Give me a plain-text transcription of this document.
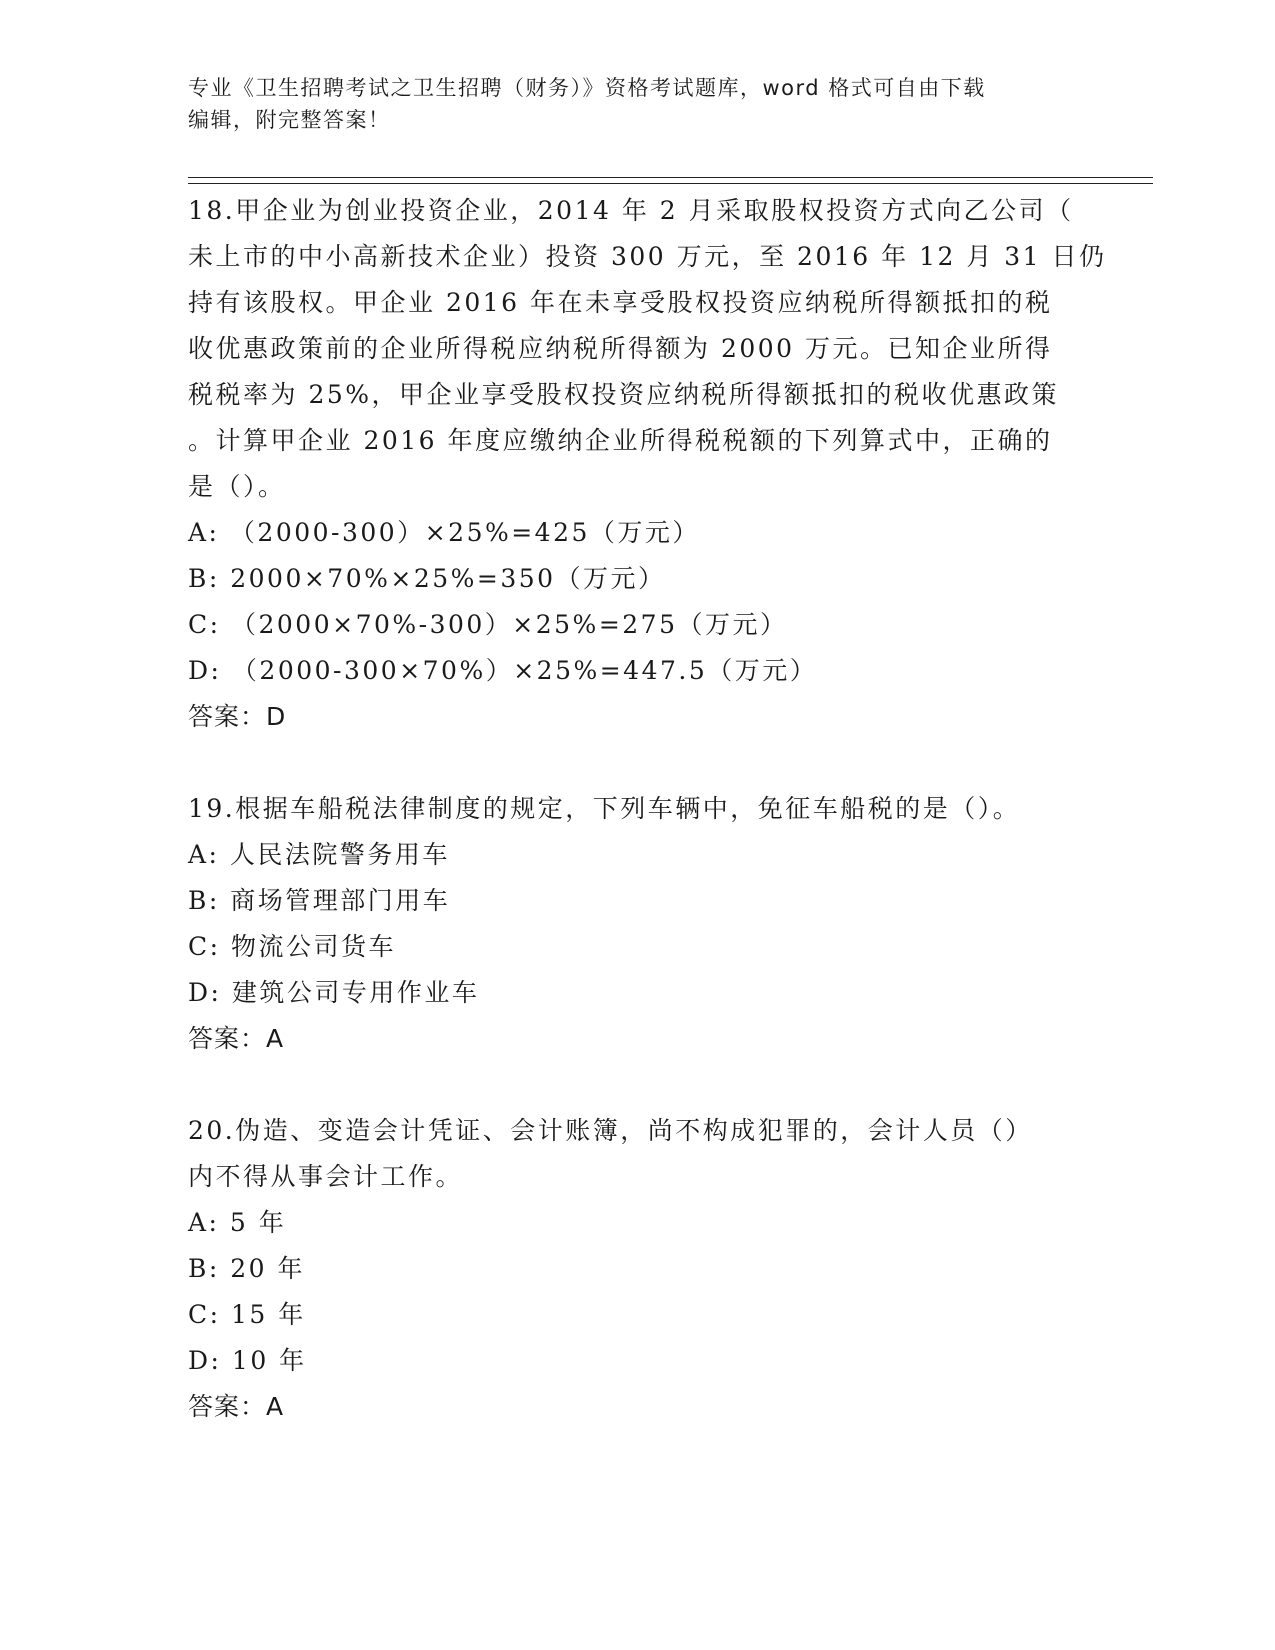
专业《卫生招聘考试之卫生招聘（财务）》资格考试题库，word 格式可自由下载
编辑，附完整答案！
18.甲企业为创业投资企业，2014 年 2 月采取股权投资方式向乙公司（
未上市的中小高新技术企业）投资 300 万元，至 2016 年 12 月 31 日仍
持有该股权。甲企业 2016 年在未享受股权投资应纳税所得额抵扣的税
收优惠政策前的企业所得税应纳税所得额为 2000 万元。已知企业所得
税税率为 25%，甲企业享受股权投资应纳税所得额抵扣的税收优惠政策
。计算甲企业 2016 年度应缴纳企业所得税税额的下列算式中，正确的
是（）。
A: （2000-300）×25%=425（万元）
B: 2000×70%×25%=350（万元）
C: （2000×70%-300）×25%=275（万元）
D: （2000-300×70%）×25%=447.5（万元）
答案：D
19.根据车船税法律制度的规定，下列车辆中，免征车船税的是（）。
A: 人民法院警务用车
B: 商场管理部门用车
C: 物流公司货车
D: 建筑公司专用作业车
答案：A
20.伪造、变造会计凭证、会计账簿，尚不构成犯罪的，会计人员（）
内不得从事会计工作。
A: 5 年
B: 20 年
C: 15 年
D: 10 年
答案：A
